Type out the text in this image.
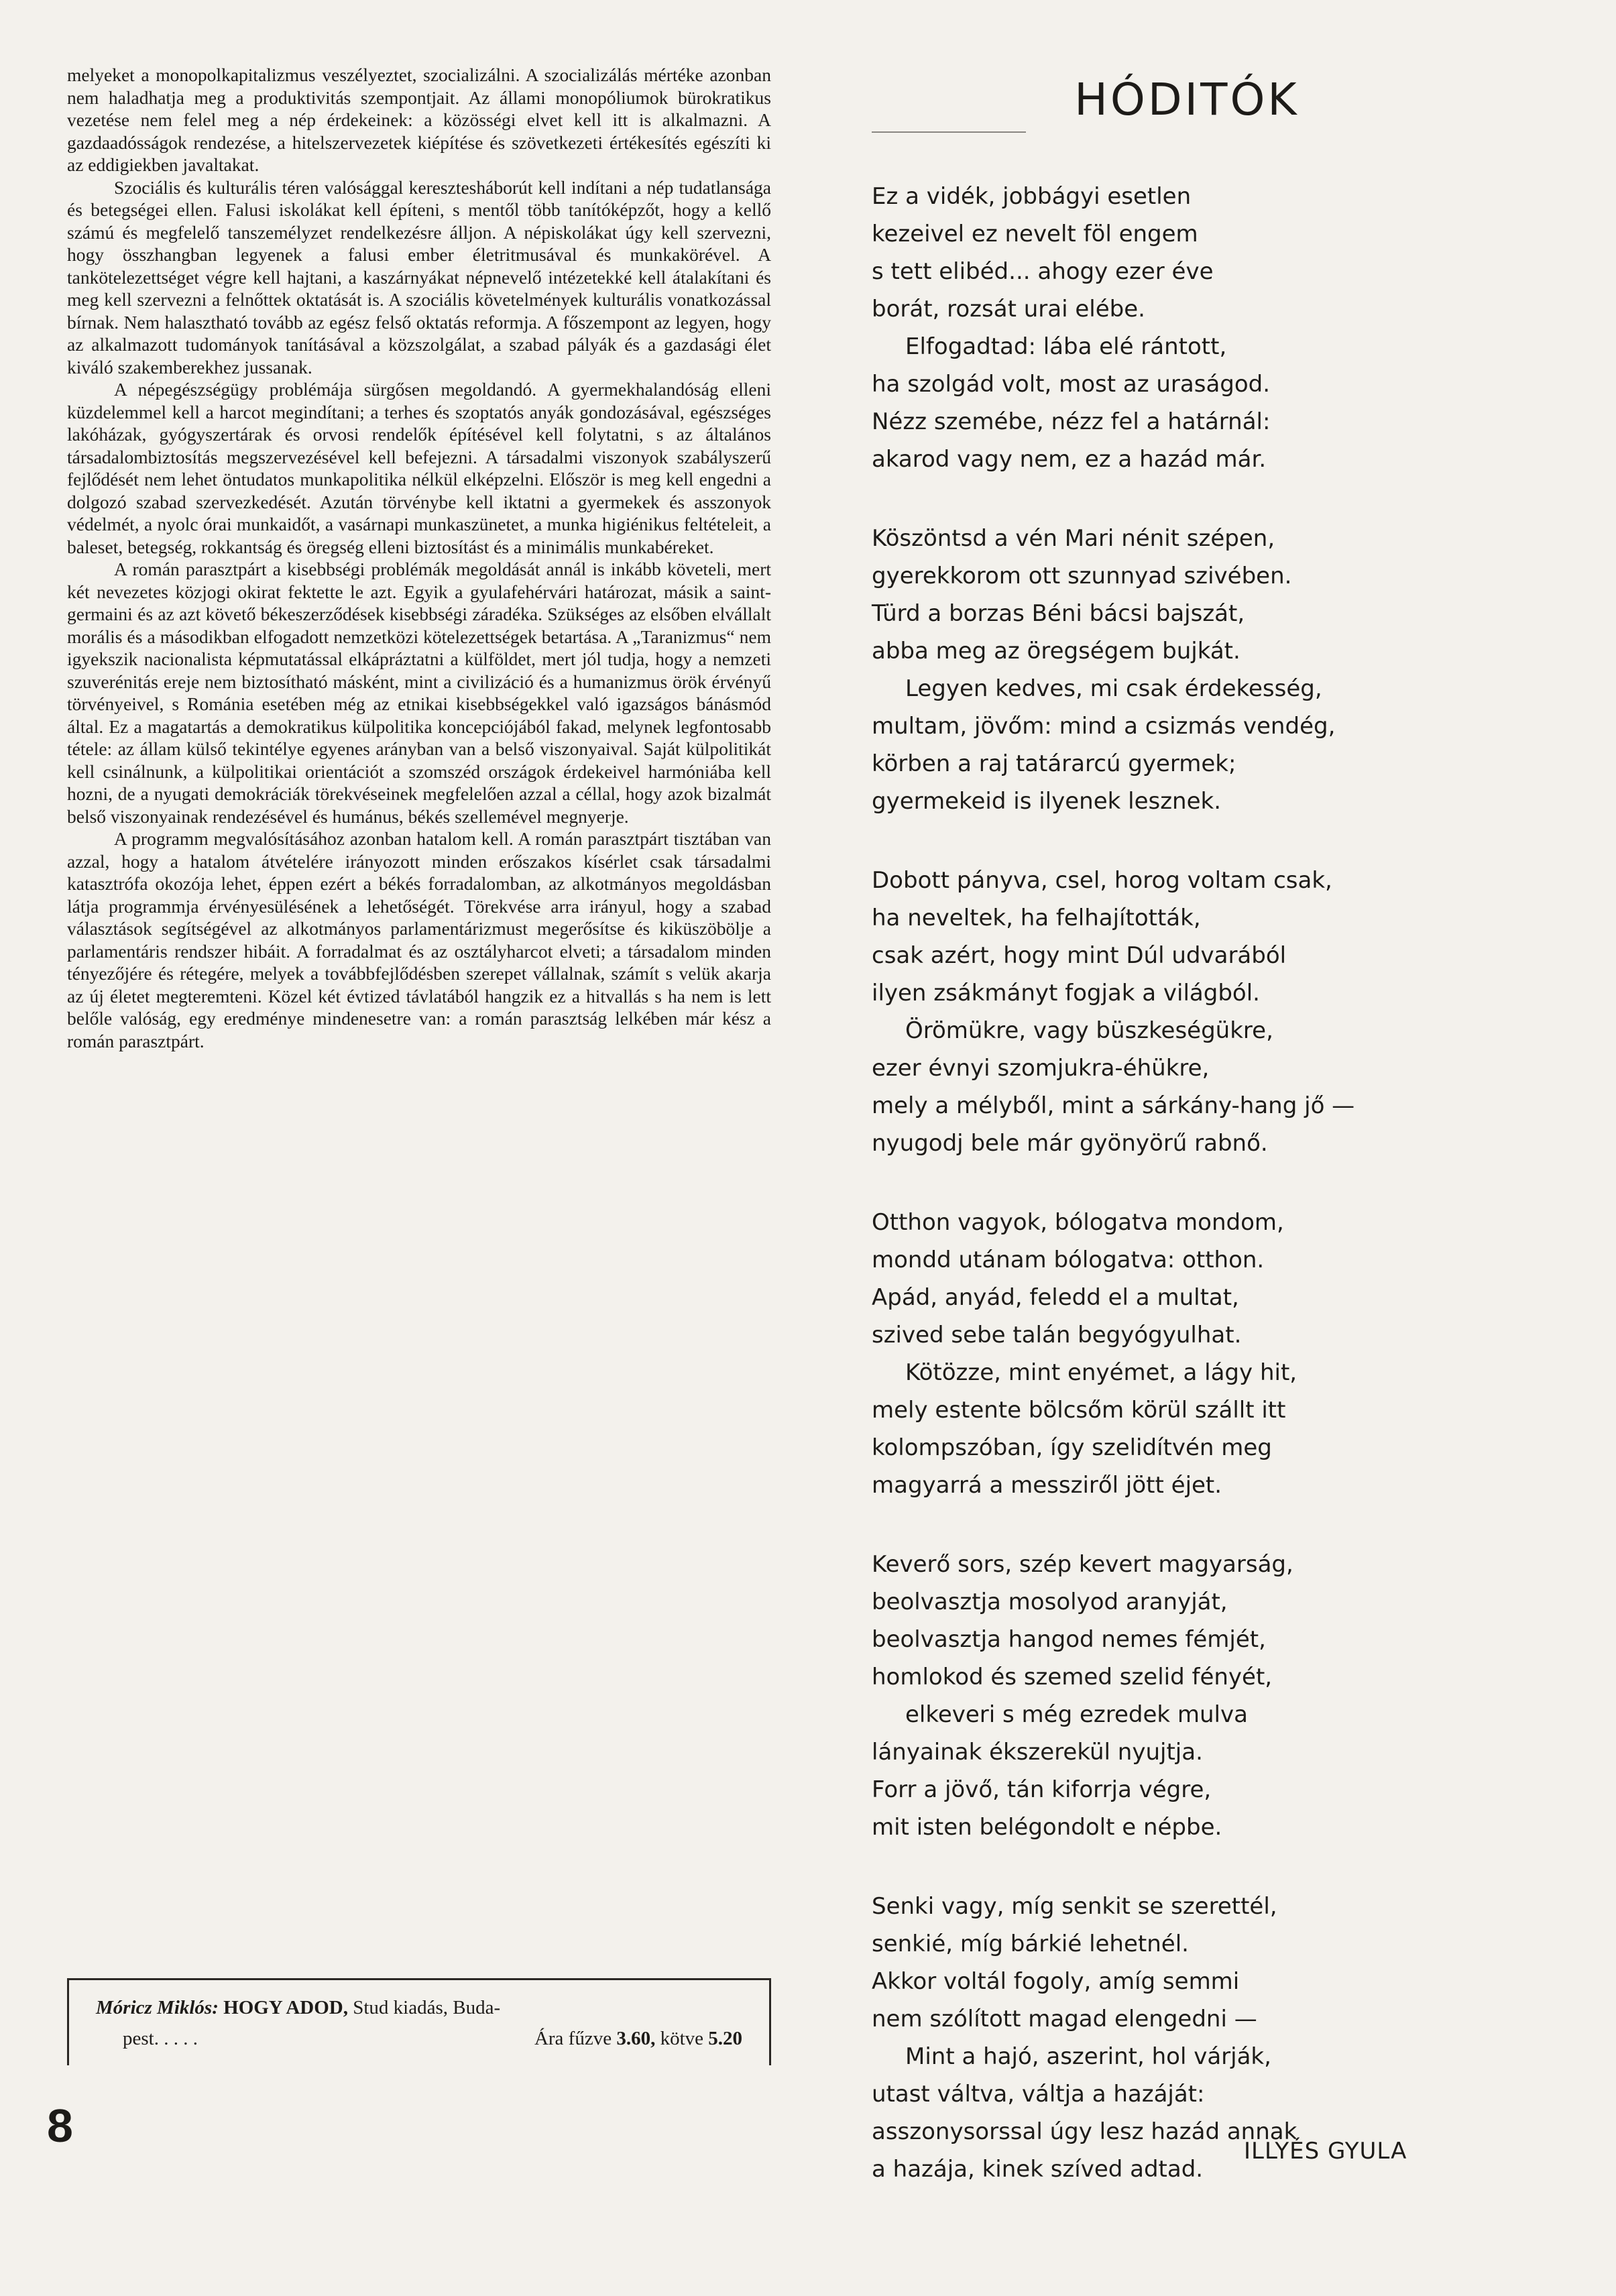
melyeket a monopolkapitalizmus veszélyeztet, szocializálni. A szocializálás mértéke azonban nem haladhatja meg a produktivitás szempontjait. Az állami monopóliumok bürokratikus vezetése nem felel meg a nép érdekeinek: a közösségi elvet kell itt is alkalmazni. A gazdaadósságok rendezése, a hitelszervezetek kiépítése és szövetkezeti értékesítés egészíti ki az eddigiekben javaltakat.

Szociális és kulturális téren valósággal keresztesháborút kell indítani a nép tudatlansága és betegségei ellen. Falusi iskolákat kell építeni, s mentől több tanítóképzőt, hogy a kellő számú és megfelelő tanszemélyzet rendelkezésre álljon. A népiskolákat úgy kell szervezni, hogy összhangban legyenek a falusi ember életritmusával és munkakörével. A tankötelezettséget végre kell hajtani, a kaszárnyákat népnevelő intézetekké kell átalakítani és meg kell szervezni a felnőttek oktatását is. A szociális követelmények kulturális vonatkozással bírnak. Nem halasztható tovább az egész felső oktatás reformja. A főszempont az legyen, hogy az alkalmazott tudományok tanításával a közszolgálat, a szabad pályák és a gazdasági élet kiváló szakemberekhez jussanak.

A népegészségügy problémája sürgősen megoldandó. A gyermekhalandóság elleni küzdelemmel kell a harcot megindítani; a terhes és szoptatós anyák gondozásával, egészséges lakóházak, gyógyszertárak és orvosi rendelők építésével kell folytatni, s az általános társadalombiztosítás megszervezésével kell befejezni. A társadalmi viszonyok szabályszerű fejlődését nem lehet öntudatos munkapolitika nélkül elképzelni. Először is meg kell engedni a dolgozó szabad szervezkedését. Azután törvénybe kell iktatni a gyermekek és asszonyok védelmét, a nyolc órai munkaidőt, a vasárnapi munkaszünetet, a munka higiénikus feltételeit, a baleset, betegség, rokkantság és öregség elleni biztosítást és a minimális munkabéreket.

A román parasztpárt a kisebbségi problémák megoldását annál is inkább követeli, mert két nevezetes közjogi okirat fektette le azt. Egyik a gyulafehérvári határozat, másik a saint-germaini és az azt követő békeszerződések kisebbségi záradéka. Szükséges az elsőben elvállalt morális és a másodikban elfogadott nemzetközi kötelezettségek betartása. A „Taranizmus“ nem igyekszik nacionalista képmutatással elkápráztatni a külföldet, mert jól tudja, hogy a nemzeti szuverénitás ereje nem biztosítható másként, mint a civilizáció és a humanizmus örök érvényű törvényeivel, s Románia esetében még az etnikai kisebbségekkel való igazságos bánásmód által. Ez a magatartás a demokratikus külpolitika koncepciójából fakad, melynek legfontosabb tétele: az állam külső tekintélye egyenes arányban van a belső viszonyaival. Saját külpolitikát kell csinálnunk, a külpolitikai orientációt a szomszéd országok érdekeivel harmóniába kell hozni, de a nyugati demokráciák törekvéseinek megfelelően azzal a céllal, hogy azok bizalmát belső viszonyainak rendezésével és humánus, békés szellemével megnyerje.

A programm megvalósításához azonban hatalom kell. A román parasztpárt tisztában van azzal, hogy a hatalom átvételére irányozott minden erőszakos kísérlet csak társadalmi katasztrófa okozója lehet, éppen ezért a békés forradalomban, az alkotmányos megoldásban látja programmja érvényesülésének a lehetőségét. Törekvése arra irányul, hogy a szabad választások segítségével az alkotmányos parlamentárizmust megerősítse és kiküszöbölje a parlamentáris rendszer hibáit. A forradalmat és az osztályharcot elveti; a társadalom minden tényezőjére és rétegére, melyek a továbbfejlődésben szerepet vállalnak, számít s velük akarja az új életet megteremteni. Közel két évtized távlatából hangzik ez a hitvallás s ha nem is lett belőle valóság, egy eredménye mindenesetre van: a román parasztság lelkében már kész a román parasztpárt.

Móricz Miklós: HOGY ADOD, Stud kiadás, Buda-
pest. . . . .	Ára fűzve 3.60, kötve 5.20
8
HÓDITÓK
Ez a vidék, jobbágyi esetlen
kezeivel ez nevelt föl engem
s tett elibéd... ahogy ezer éve
borát, rozsát urai elébe.
Elfogadtad: lába elé rántott,
ha szolgád volt, most az uraságod.
Nézz szemébe, nézz fel a határnál:
akarod vagy nem, ez a hazád már.
Köszöntsd a vén Mari nénit szépen,
gyerekkorom ott szunnyad szivében.
Türd a borzas Béni bácsi bajszát,
abba meg az öregségem bujkát.
Legyen kedves, mi csak érdekesség,
multam, jövőm: mind a csizmás vendég,
körben a raj tatárarcú gyermek;
gyermekeid is ilyenek lesznek.
Dobott pányva, csel, horog voltam csak,
ha neveltek, ha felhajították,
csak azért, hogy mint Dúl udvarából
ilyen zsákmányt fogjak a világból.
Örömükre, vagy büszkeségükre,
ezer évnyi szomjukra-éhükre,
mely a mélyből, mint a sárkány-hang jő —
nyugodj bele már gyönyörű rabnő.
Otthon vagyok, bólogatva mondom,
mondd utánam bólogatva: otthon.
Apád, anyád, feledd el a multat,
szived sebe talán begyógyulhat.
Kötözze, mint enyémet, a lágy hit,
mely estente bölcsőm körül szállt itt
kolompszóban, így szelidítvén meg
magyarrá a messziről jött éjet.
Keverő sors, szép kevert magyarság,
beolvasztja mosolyod aranyját,
beolvasztja hangod nemes fémjét,
homlokod és szemed szelid fényét,
elkeveri s még ezredek mulva
lányainak ékszerekül nyujtja.
Forr a jövő, tán kiforrja végre,
mit isten belégondolt e népbe.
Senki vagy, míg senkit se szerettél,
senkié, míg bárkié lehetnél.
Akkor voltál fogoly, amíg semmi
nem szólított magad elengedni —
Mint a hajó, aszerint, hol várják,
utast váltva, váltja a hazáját:
asszonysorssal úgy lesz hazád annak
a hazája, kinek szíved adtad.
ILLYÉS GYULA
